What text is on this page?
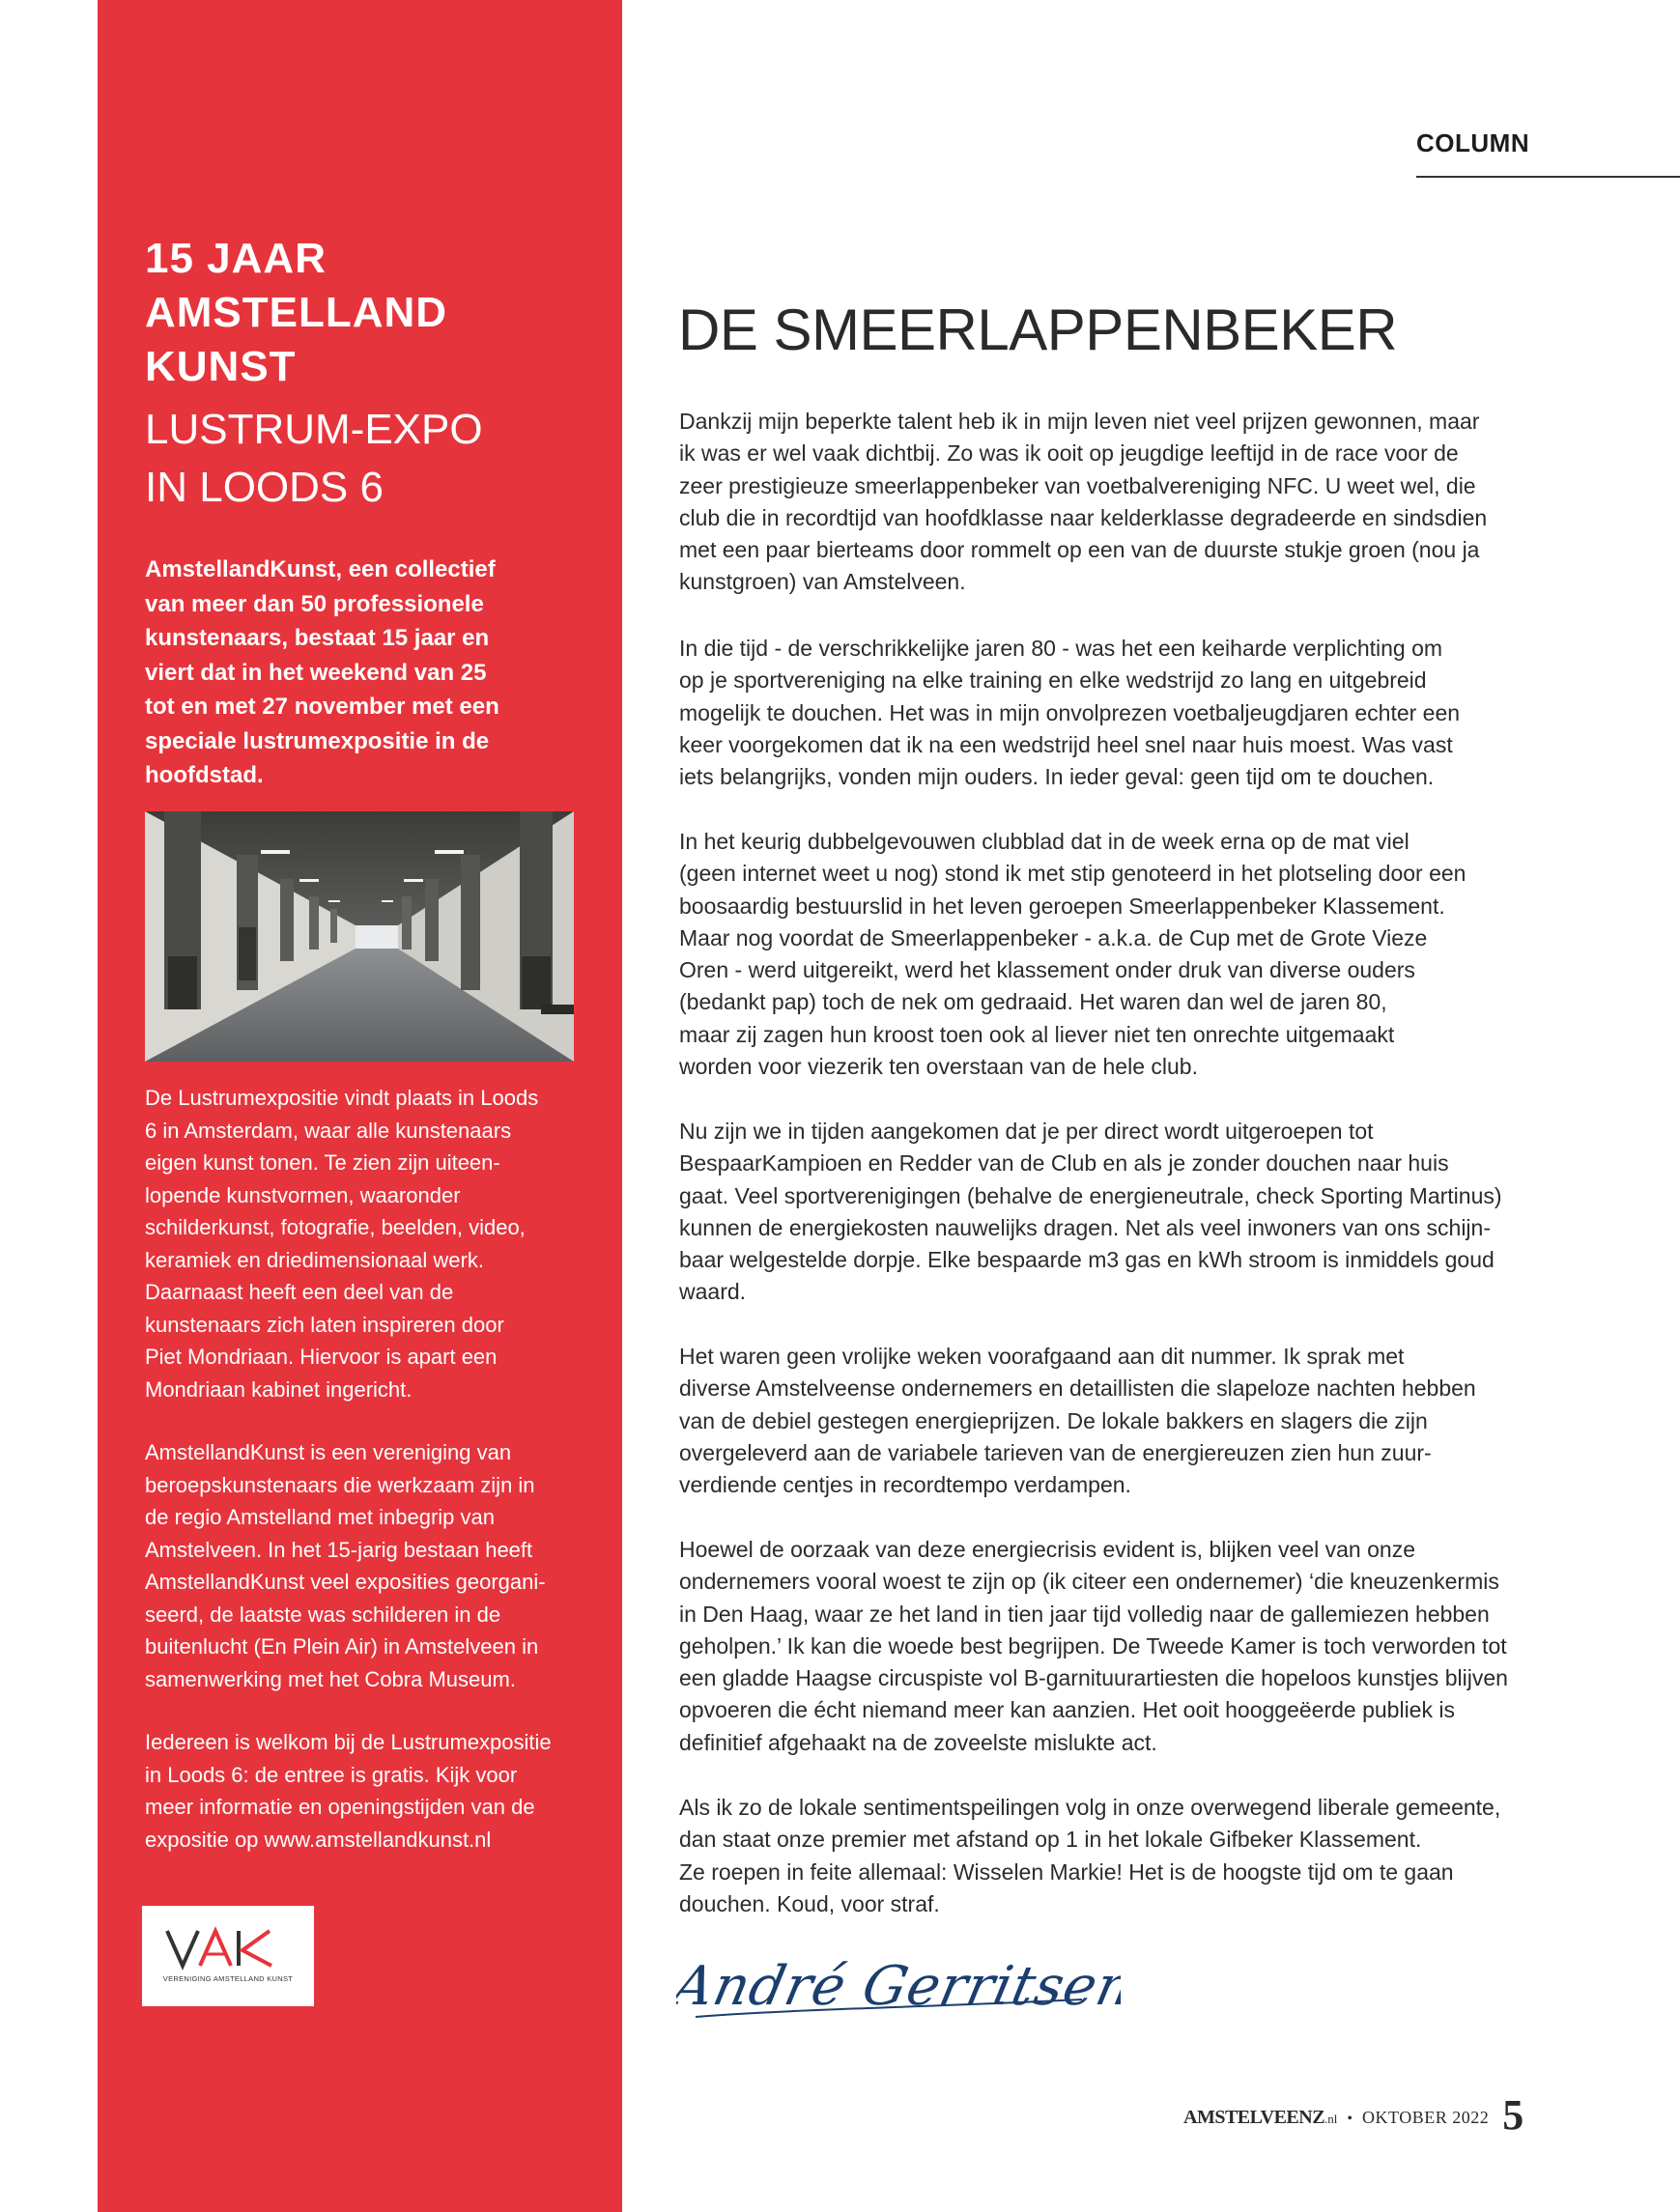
15 JAAR
AMSTELLAND
KUNST
LUSTRUM-EXPO
IN LOODS 6
AmstellandKunst, een collectief
van meer dan 50 professionele
kunstenaars, bestaat 15 jaar en
viert dat in het weekend van 25
tot en met 27 november met een
speciale lustrumexpositie in de
hoofdstad.
De Lustrumexpositie vindt plaats in Loods
6 in Amsterdam, waar alle kunstenaars
eigen kunst tonen. Te zien zijn uiteen-
lopende kunstvormen, waaronder
schilderkunst, fotografie, beelden, video,
keramiek en driedimensionaal werk.
Daarnaast heeft een deel van de
kunstenaars zich laten inspireren door
Piet Mondriaan. Hiervoor is apart een
Mondriaan kabinet ingericht.
AmstellandKunst is een vereniging van
beroepskunstenaars die werkzaam zijn in
de regio Amstelland met inbegrip van
Amstelveen. In het 15-jarig bestaan heeft
AmstellandKunst veel exposities georgani-
seerd, de laatste was schilderen in de
buitenlucht (En Plein Air) in Amstelveen in
samenwerking met het Cobra Museum.
Iedereen is welkom bij de Lustrumexpositie
in Loods 6: de entree is gratis. Kijk voor
meer informatie en openingstijden van de
expositie op www.amstellandkunst.nl
VERENIGING AMSTELLAND KUNST
COLUMN
DE SMEERLAPPENBEKER
Dankzij mijn beperkte talent heb ik in mijn leven niet veel prijzen gewonnen, maar
ik was er wel vaak dichtbij. Zo was ik ooit op jeugdige leeftijd in de race voor de
zeer prestigieuze smeerlappenbeker van voetbalvereniging NFC. U weet wel, die
club die in recordtijd van hoofdklasse naar kelderklasse degradeerde en sindsdien
met een paar bierteams door rommelt op een van de duurste stukje groen (nou ja
kunstgroen) van Amstelveen.
In die tijd - de verschrikkelijke jaren 80 - was het een keiharde verplichting om
op je sportvereniging na elke training en elke wedstrijd zo lang en uitgebreid
mogelijk te douchen. Het was in mijn onvolprezen voetbaljeugdjaren echter een
keer voorgekomen dat ik na een wedstrijd heel snel naar huis moest. Was vast
iets belangrijks, vonden mijn ouders. In ieder geval: geen tijd om te douchen.
In het keurig dubbelgevouwen clubblad dat in de week erna op de mat viel
(geen internet weet u nog) stond ik met stip genoteerd in het plotseling door een
boosaardig bestuurslid in het leven geroepen Smeerlappenbeker Klassement.
Maar nog voordat de Smeerlappenbeker - a.k.a. de Cup met de Grote Vieze
Oren - werd uitgereikt, werd het klassement onder druk van diverse ouders
(bedankt pap) toch de nek om gedraaid. Het waren dan wel de jaren 80,
maar zij zagen hun kroost toen ook al liever niet ten onrechte uitgemaakt
worden voor viezerik ten overstaan van de hele club.
Nu zijn we in tijden aangekomen dat je per direct wordt uitgeroepen tot
BespaarKampioen en Redder van de Club en als je zonder douchen naar huis
gaat. Veel sportverenigingen (behalve de energieneutrale, check Sporting Martinus)
kunnen de energiekosten nauwelijks dragen. Net als veel inwoners van ons schijn-
baar welgestelde dorpje. Elke bespaarde m3 gas en kWh stroom is inmiddels goud
waard.
Het waren geen vrolijke weken voorafgaand aan dit nummer. Ik sprak met
diverse Amstelveense ondernemers en detaillisten die slapeloze nachten hebben
van de debiel gestegen energieprijzen. De lokale bakkers en slagers die zijn
overgeleverd aan de variabele tarieven van de energiereuzen zien hun zuur-
verdiende centjes in recordtempo verdampen.
Hoewel de oorzaak van deze energiecrisis evident is, blijken veel van onze
ondernemers vooral woest te zijn op (ik citeer een ondernemer) ‘die kneuzenkermis
in Den Haag, waar ze het land in tien jaar tijd volledig naar de gallemiezen hebben
geholpen.’ Ik kan die woede best begrijpen. De Tweede Kamer is toch verworden tot
een gladde Haagse circuspiste vol B-garnituurartiesten die hopeloos kunstjes blijven
opvoeren die écht niemand meer kan aanzien. Het ooit hooggeëerde publiek is
definitief afgehaakt na de zoveelste mislukte act.
Als ik zo de lokale sentimentspeilingen volg in onze overwegend liberale gemeente,
dan staat onze premier met afstand op 1 in het lokale Gifbeker Klassement.
Ze roepen in feite allemaal: Wisselen Markie! Het is de hoogste tijd om te gaan
douchen. Koud, voor straf.
André Gerritsen
AMSTELVEENZ .nl • OKTOBER 2022 5
